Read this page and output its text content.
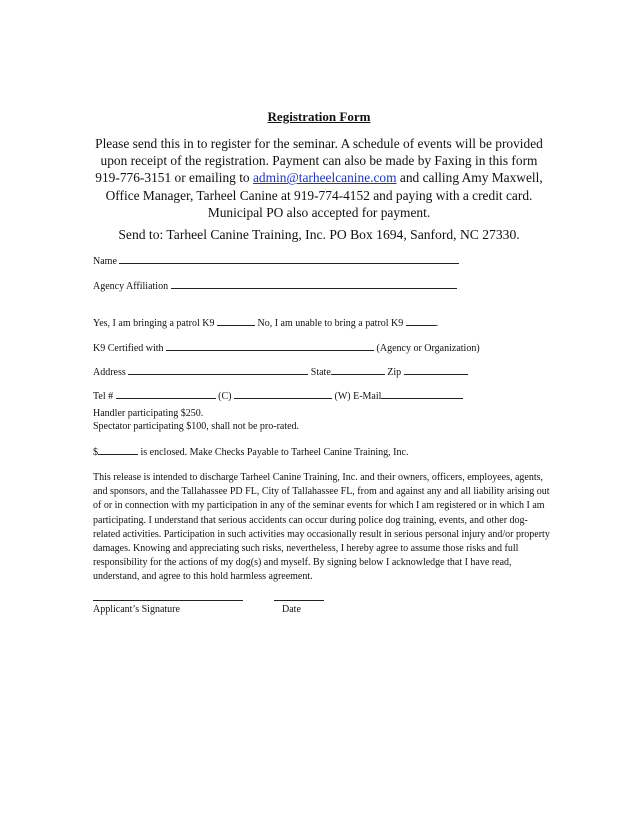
Registration Form
Please send this in to register for the seminar. A schedule of events will be provided upon receipt of the registration. Payment can also be made by Faxing in this form 919-776-3151 or emailing to admin@tarheelcanine.com and calling Amy Maxwell, Office Manager, Tarheel Canine at 919-774-4152 and paying with a credit card. Municipal PO also accepted for payment.
Send to: Tarheel Canine Training, Inc. PO Box 1694, Sanford, NC 27330.
Name
Agency Affiliation
Yes, I am bringing a patrol K9	No, I am unable to bring a patrol K9	.
K9 Certified with	(Agency or Organization)
Address	State	Zip
Tel #	(C)	(W) E-Mail
Handler participating $250.
Spectator participating $100, shall not be pro-rated.
$	is enclosed. Make Checks Payable to Tarheel Canine Training, Inc.
This release is intended to discharge Tarheel Canine Training, Inc. and their owners, officers, employees, agents, and sponsors, and the Tallahassee PD FL, City of Tallahassee FL, from and against any and all liability arising out of or in connection with my participation in any of the seminar events for which I am registered or in which I am participating. I understand that serious accidents can occur during police dog training, events, and other dog-related activities. Participation in such activities may occasionally result in serious personal injury and/or property damages. Knowing and appreciating such risks, nevertheless, I hereby agree to assume those risks and full responsibility for the actions of my dog(s) and myself. By signing below I acknowledge that I have read, understand, and agree to this hold harmless agreement.
Applicant’s Signature	Date
